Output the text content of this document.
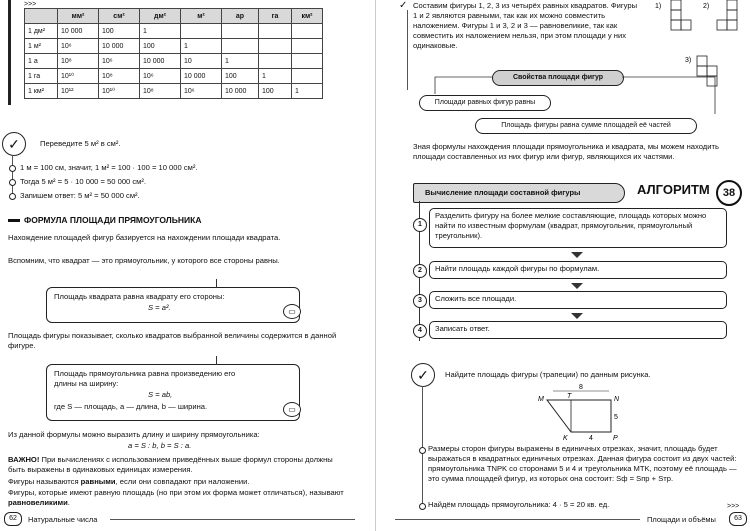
>>>
	мм²	см²	дм²	м²	ар	га	км²
1 дм²	10 000	100	1				
1 м²	10⁶	10 000	100	1			
1 а	10⁸	10⁶	10 000	10	1		
1 га	10¹⁰	10⁸	10⁶	10 000	100	1	
1 км²	10¹²	10¹⁰	10⁸	10⁶	10 000	100	1
✓	Переведите 5 м² в см².
1 м = 100 см, значит, 1 м² = 100 · 100 = 10 000 см².
Тогда 5 м² = 5 · 10 000 = 50 000 см².
Запишем ответ: 5 м² = 50 000 см².
ФОРМУЛА ПЛОЩАДИ ПРЯМОУГОЛЬНИКА
Нахождение площадей фигур базируется на нахождении площади квадрата.
Вспомним, что квадрат — это прямоугольник, у которого все стороны равны.
Площадь квадрата равна квадрату его стороны:
S = a².	▭
Площадь фигуры показывает, сколько квадратов выбранной величины содержится в данной фигуре.
Площадь прямоугольника равна произведению его
длины на ширину:
S = ab,
где S — площадь, a — длина, b — ширина.	▭
Из данной формулы можно выразить длину и ширину прямоугольника:
a = S : b, b = S : a.
ВАЖНО! При вычислениях с использованием приведённых выше формул стороны должны быть выражены в одинаковых единицах измерения.
Фигуры называются равными, если они совпадают при наложении.
Фигуры, которые имеют равную площадь (но при этом их форма может отличаться), называют равновеликими.
62	Натуральные числа
✓ Составим фигуры 1, 2, 3 из четырёх равных квадратов. Фигуры 1 и 2 являются равными, так как их можно совместить наложением. Фигуры 1 и 3, 2 и 3 — равновеликие, так как совместить их наложением нельзя, при этом площади у них одинаковые.
1)	2)
3)
Свойства площади фигур
Площади равных фигур равны
Площадь фигуры равна сумме площадей её частей
Зная формулы нахождения площади прямоугольника и квадрата, мы можем находить площади составленных из них фигур или фигур, являющихся их частями.
Вычисление площади составной фигуры	АЛГОРИТМ	38
1
Разделить фигуру на более мелкие составляющие, площадь которых можно найти по известным формулам (квадрат, прямоугольник, прямоугольный треугольник).
2	Найти площадь каждой фигуры по формулам.
3	Сложить все площади.
4	Записать ответ.
✓	Найдите площадь фигуры (трапеции) по данным рисунка.
8
5
4
M	T	N
K	P
Размеры сторон фигуры выражены в единичных отрезках, значит, площадь будет выражаться в квадратных единичных отрезках. Данная фигура состоит из двух частей: прямоугольника TNPK со сторонами 5 и 4 и треугольника MTK, поэтому её площадь — это сумма площадей фигур, из которых она состоит: Sф = Sпр + Sтр.
Найдём площадь прямоугольника: 4 · 5 = 20 кв. ед.	>>>
Площади и объёмы	63
